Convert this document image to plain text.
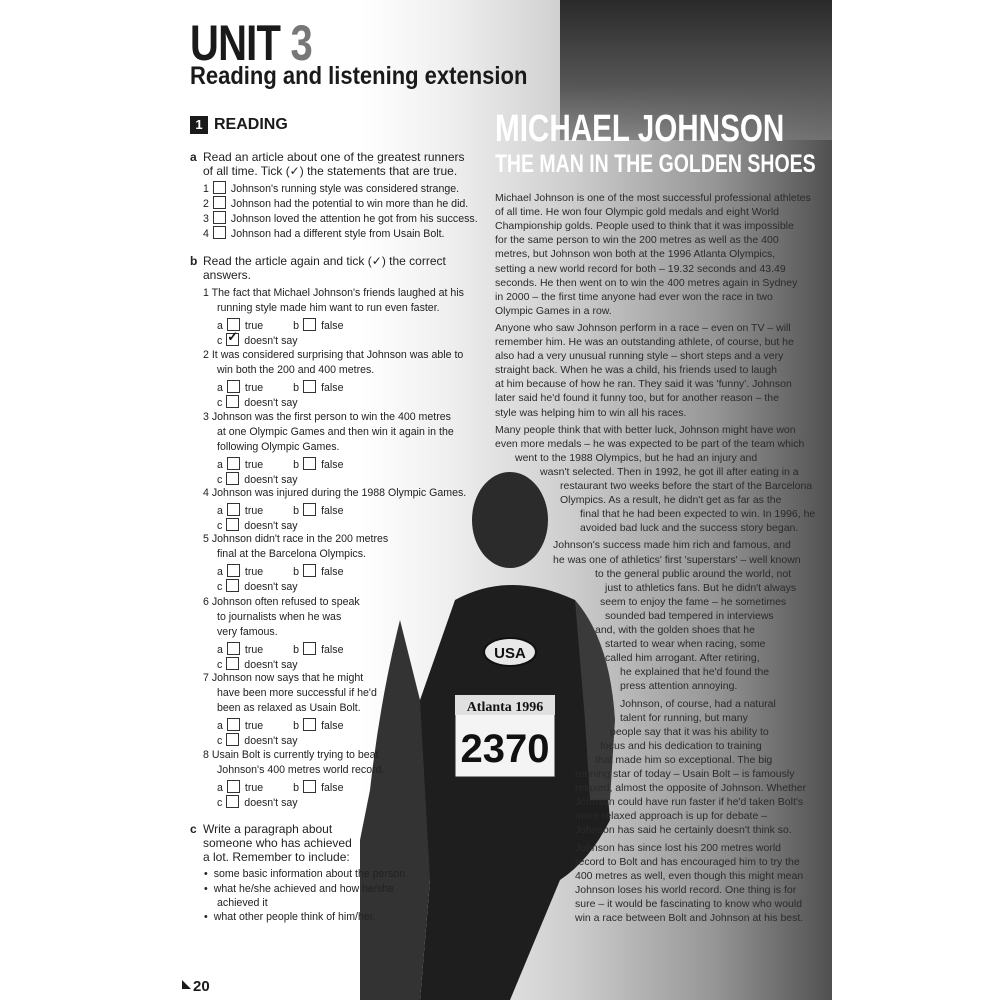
USA
Atlanta 1996
2370
UNIT 3
Reading and listening extension
1 READING
a Read an article about one of the greatest runners
of all time. Tick (✓) the statements that are true.
1 Johnson's running style was considered strange.
2 Johnson had the potential to win more than he did.
3 Johnson loved the attention he got from his success.
4 Johnson had a different style from Usain Bolt.
b Read the article again and tick (✓) the correct
answers.
1 The fact that Michael Johnson's friends laughed at his
running style made him want to run even faster.
a true	b false
c✓ doesn't say
2 It was considered surprising that Johnson was able to
win both the 200 and 400 metres.
a true	b false
c doesn't say
3 Johnson was the first person to win the 400 metres
at one Olympic Games and then win it again in the
following Olympic Games.
a true	b false
c doesn't say
4 Johnson was injured during the 1988 Olympic Games.
a true	b false
c doesn't say
5 Johnson didn't race in the 200 metres
final at the Barcelona Olympics.
a true	b false
c doesn't say
6 Johnson often refused to speak
to journalists when he was
very famous.
a true	b false
c doesn't say
7 Johnson now says that he might
have been more successful if he'd
been as relaxed as Usain Bolt.
a true	b false
c doesn't say
8 Usain Bolt is currently trying to beat
Johnson's 400 metres world record.
a true	b false
c doesn't say
c Write a paragraph about
someone who has achieved
a lot. Remember to include:
• some basic information about the person
• what he/she achieved and how he/she
achieved it
• what other people think of him/her.
MICHAEL JOHNSON
THE MAN IN THE GOLDEN SHOES
Michael Johnson is one of the most successful professional athletes
of all time. He won four Olympic gold medals and eight World
Championship golds. People used to think that it was impossible
for the same person to win the 200 metres as well as the 400
metres, but Johnson won both at the 1996 Atlanta Olympics,
setting a new world record for both – 19.32 seconds and 43.49
seconds. He then went on to win the 400 metres again in Sydney
in 2000 – the first time anyone had ever won the race in two
Olympic Games in a row.
Anyone who saw Johnson perform in a race – even on TV – will
remember him. He was an outstanding athlete, of course, but he
also had a very unusual running style – short steps and a very
straight back. When he was a child, his friends used to laugh
at him because of how he ran. They said it was 'funny'. Johnson
later said he'd found it funny too, but for another reason – the
style was helping him to win all his races.
Many people think that with better luck, Johnson might have won
even more medals – he was expected to be part of the team which
went to the 1988 Olympics, but he had an injury and
wasn't selected. Then in 1992, he got ill after eating in a
restaurant two weeks before the start of the Barcelona
Olympics. As a result, he didn't get as far as the
final that he had been expected to win. In 1996, he
avoided bad luck and the success story began.
Johnson's success made him rich and famous, and
he was one of athletics' first 'superstars' – well known
to the general public around the world, not
just to athletics fans. But he didn't always
seem to enjoy the fame – he sometimes
sounded bad tempered in interviews
and, with the golden shoes that he
started to wear when racing, some
called him arrogant. After retiring,
he explained that he'd found the
press attention annoying.
Johnson, of course, had a natural
talent for running, but many
people say that it was his ability to
focus and his dedication to training
that made him so exceptional. The big
running star of today – Usain Bolt – is famously
relaxed, almost the opposite of Johnson. Whether
Johnson could have run faster if he'd taken Bolt's
more relaxed approach is up for debate –
Johnson has said he certainly doesn't think so.
Johnson has since lost his 200 metres world
record to Bolt and has encouraged him to try the
400 metres as well, even though this might mean
Johnson loses his world record. One thing is for
sure – it would be fascinating to know who would
win a race between Bolt and Johnson at his best.
20
